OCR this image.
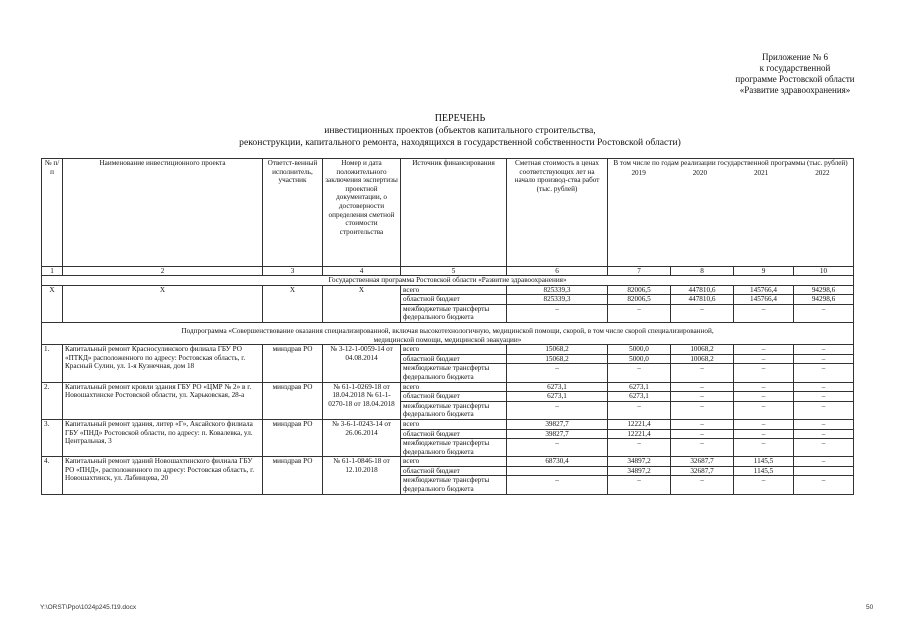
Приложение № 6
к государственной
программе Ростовской области
«Развитие здравоохранения»
ПЕРЕЧЕНЬ
инвестиционных проектов (объектов капитального строительства,
реконструкции, капитального ремонта, находящихся в государственной собственности Ростовской области)
№ п/п	Наименование инвестиционного проекта	Ответст-венный исполнитель, участник	Номер и дата положительного заключения экспертизы проектной документации, о достоверности определения сметной стоимости строительства	Источник финансирования	Сметная стоимость в ценах соответствующих лет на начало производ-ства работ (тыс. рублей)	В том числе по годам реализации государственной программы (тыс. рублей)
2019 2020 2021 2022			

1	2	3	4	5	6	7	8	9	10
Государственная программа Ростовской области «Развитие здравоохранения»									
Х	Х	Х	Х	всего	825339,3	82006,5	447810,6	145766,4	94298,6
				областной бюджет	825339,3	82006,5	447810,6	145766,4	94298,6
				межбюджетные трансферты федерального бюджета	–	–	–	–	–
Подпрограмма «Совершенствование оказания специализированной, включая высокотехнологичную, медицинской помощи, скорой, в том числе скорой специализированной, медицинской помощи, медицинской эвакуации»									
1.	Капитальный ремонт Красносулинского филиала ГБУ РО «ПТКД» расположенного по адресу: Ростовская область, г. Красный Сулин, ул. 1-я Кузнечная, дом 18	минздрав РО	№ 3-12-1-0059-14 от 04.08.2014	всего	15068,2	5000,0	10068,2	–	–
				областной бюджет	15068,2	5000,0	10068,2	–	–
				межбюджетные трансферты федерального бюджета	–	–	–	–	–
2.	Капитальный ремонт кровли здания ГБУ РО «ЦМР № 2» в г. Новошахтинске Ростовской области, ул. Харьковская, 28-а	минздрав РО	№ 61-1-0269-18 от 18.04.2018 № 61-1-0270-18 от 18.04.2018	всего	6273,1	6273,1	–	–	–
				областной бюджет	6273,1	6273,1	–	–	–
				межбюджетные трансферты федерального бюджета	–	–	–	–	–
3.	Капитальный ремонт здания, литер «Г», Аксайского филиала ГБУ «ПНД» Ростовской области, по адресу: п. Ковалевка, ул. Центральная, 3	минздрав РО	№ 3-6-1-0243-14 от 26.06.2014	всего	39827,7	12221,4	–	–	–
				областной бюджет	39827,7	12221,4	–	–	–
				межбюджетные трансферты федерального бюджета	–	–	–	–	–
4.	Капитальный ремонт зданий Новошахтинского филиала ГБУ РО «ПНД», расположенного по адресу: Ростовская область, г. Новошахтинск, ул. Лабинцева, 20	минздрав РО	№ 61-1-0846-18 от 12.10.2018	всего	68730,4	34897,2	32687,7	1145,5	–
				областной бюджет		34897,2	32687,7	1145,5	
				межбюджетные трансферты федерального бюджета	–	–	–	–	–
Y:\ORST\Ppo\1024p245.f19.docx	50
